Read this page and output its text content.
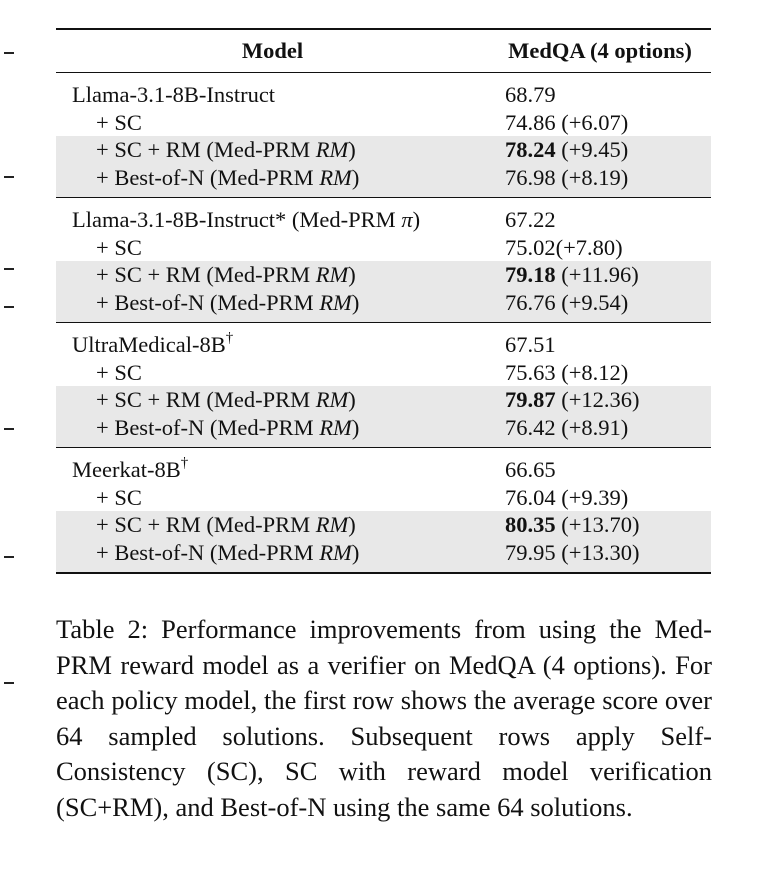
Model	MedQA (4 options)
Llama-3.1-8B-Instruct	68.79
+ SC	74.86 (+6.07)
+ SC + RM (Med-PRM RM)	78.24 (+9.45)
+ Best-of-N (Med-PRM RM)	76.98 (+8.19)
Llama-3.1-8B-Instruct* (Med-PRM π)	67.22
+ SC	75.02(+7.80)
+ SC + RM (Med-PRM RM)	79.18 (+11.96)
+ Best-of-N (Med-PRM RM)	76.76 (+9.54)
UltraMedical-8B†	67.51
+ SC	75.63 (+8.12)
+ SC + RM (Med-PRM RM)	79.87 (+12.36)
+ Best-of-N (Med-PRM RM)	76.42 (+8.91)
Meerkat-8B†	66.65
+ SC	76.04 (+9.39)
+ SC + RM (Med-PRM RM)	80.35 (+13.70)
+ Best-of-N (Med-PRM RM)	79.95 (+13.30)
Table 2: Performance improvements from using the Med-PRM reward model as a verifier on MedQA (4 options). For each policy model, the first row shows the average score over 64 sampled solutions. Subsequent rows apply Self-Consistency (SC), SC with reward model verification (SC+RM), and Best-of-N using the same 64 solutions.
